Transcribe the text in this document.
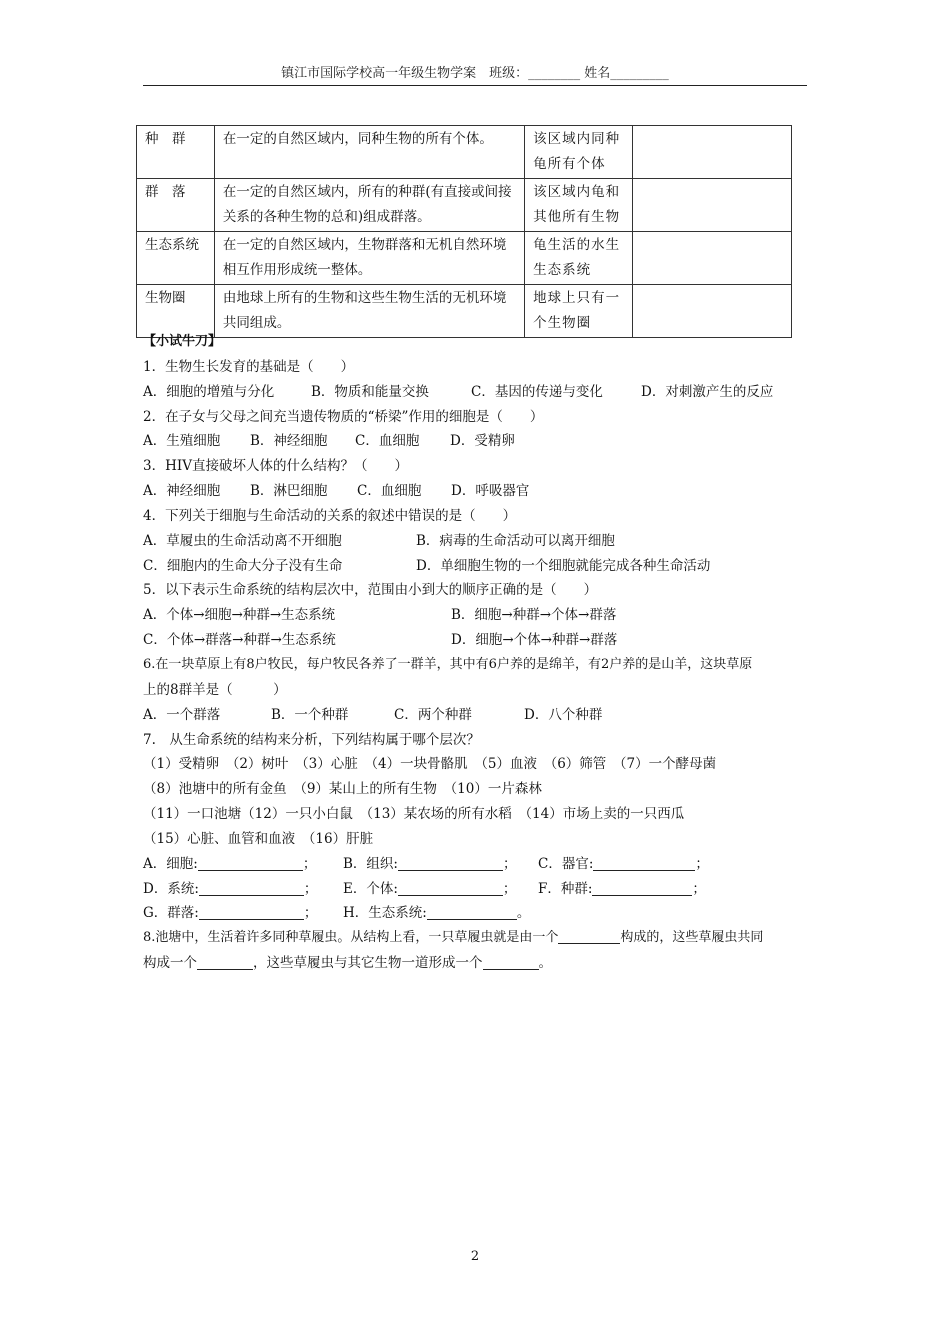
镇江市国际学校高一年级生物学案　班级：________ 姓名_________
种　群	在一定的自然区域内，同种生物的所有个体。	该区域内同种龟所有个体	
群　落	在一定的自然区域内，所有的种群(有直接或间接关系的各种生物的总和)组成群落。	该区域内龟和其他所有生物	
生态系统	在一定的自然区域内，生物群落和无机自然环境相互作用形成统一整体。	龟生活的水生生态系统	
生物圈	由地球上所有的生物和这些生物生活的无机环境共同组成。	地球上只有一个生物圈	
【小试牛刀】
1．生物生长发育的基础是（　　）
A．细胞的增殖与分化	B．物质和能量交换	C．基因的传递与变化	D．对刺激产生的反应
2．在子女与父母之间充当遗传物质的“桥梁”作用的细胞是（　　）
A．生殖细胞 B．神经细胞 C．血细胞 D．受精卵
3．HIV直接破坏人体的什么结构？（　　）
A．神经细胞 B．淋巴细胞 C．血细胞 D．呼吸器官
4．下列关于细胞与生命活动的关系的叙述中错误的是（　　）
A．草履虫的生命活动离不开细胞	B．病毒的生命活动可以离开细胞
C．细胞内的生命大分子没有生命	D．单细胞生物的一个细胞就能完成各种生命活动
5．以下表示生命系统的结构层次中，范围由小到大的顺序正确的是（　　）
A．个体→细胞→种群→生态系统	B．细胞→种群→个体→群落
C．个体→群落→种群→生态系统	D．细胞→个体→种群→群落
6.在一块草原上有8户牧民，每户牧民各养了一群羊，其中有6户养的是绵羊，有2户养的是山羊，这块草原
上的8群羊是（　　　）
A．一个群落	B．一个种群	C．两个种群	D．八个种群
7.　从生命系统的结构来分析，下列结构属于哪个层次？
（1）受精卵　（2）树叶　（3）心脏　（4）一块骨骼肌　（5）血液　（6）筛管　（7）一个酵母菌
（8）池塘中的所有金鱼　（9）某山上的所有生物　（10）一片森林
（11）一口池塘（12）一只小白鼠　（13）某农场的所有水稻　（14）市场上卖的一只西瓜
（15）心脏、血管和血液　（16）肝脏
A．细胞:	； B．组织:	； C．器官:	；
D．系统:	； E．个体:	； F．种群:	；
G．群落:	； H．生态系统:	。
8.池塘中，生活着许多同种草履虫。从结构上看，一只草履虫就是由一个	构成的，这些草履虫共同
构成一个	，这些草履虫与其它生物一道形成一个	。
2
